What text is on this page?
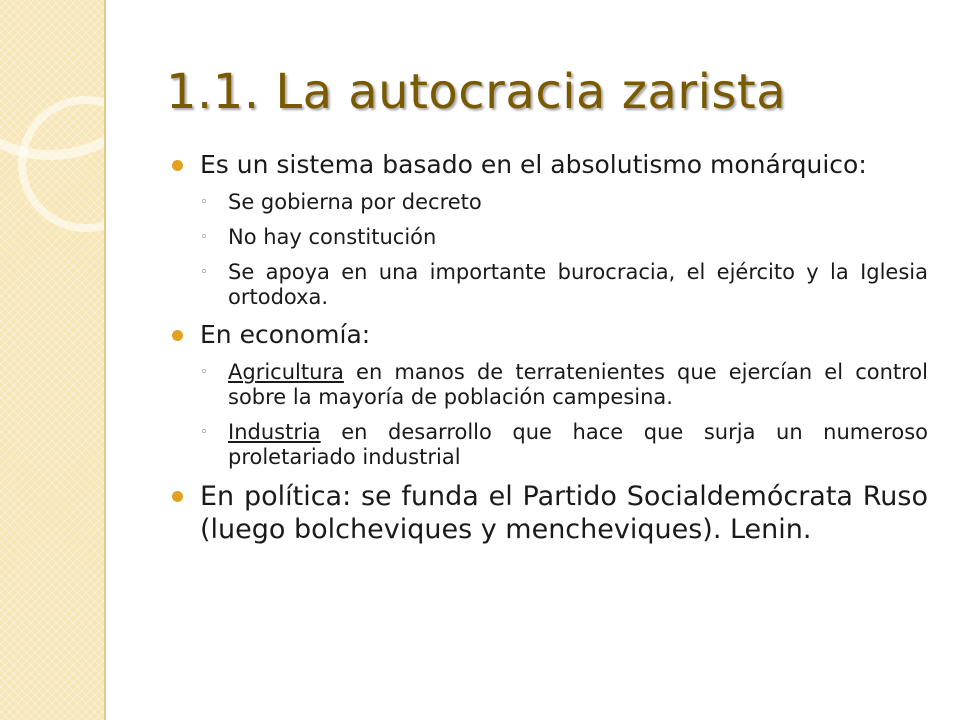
1.1. La autocracia zarista

Es un sistema basado en el absolutismo monárquico:

◦ Se gobierna por decreto

◦ No hay constitución

◦ Se apoya en una importante burocracia, el ejército y la Iglesia ortodoxa.

En economía:

◦ Agricultura en manos de terratenientes que ejercían el control sobre la mayoría de población campesina.

◦ Industria en desarrollo que hace que surja un numeroso proletariado industrial

En política: se funda el Partido Socialdemócrata Ruso (luego bolcheviques y mencheviques). Lenin.
